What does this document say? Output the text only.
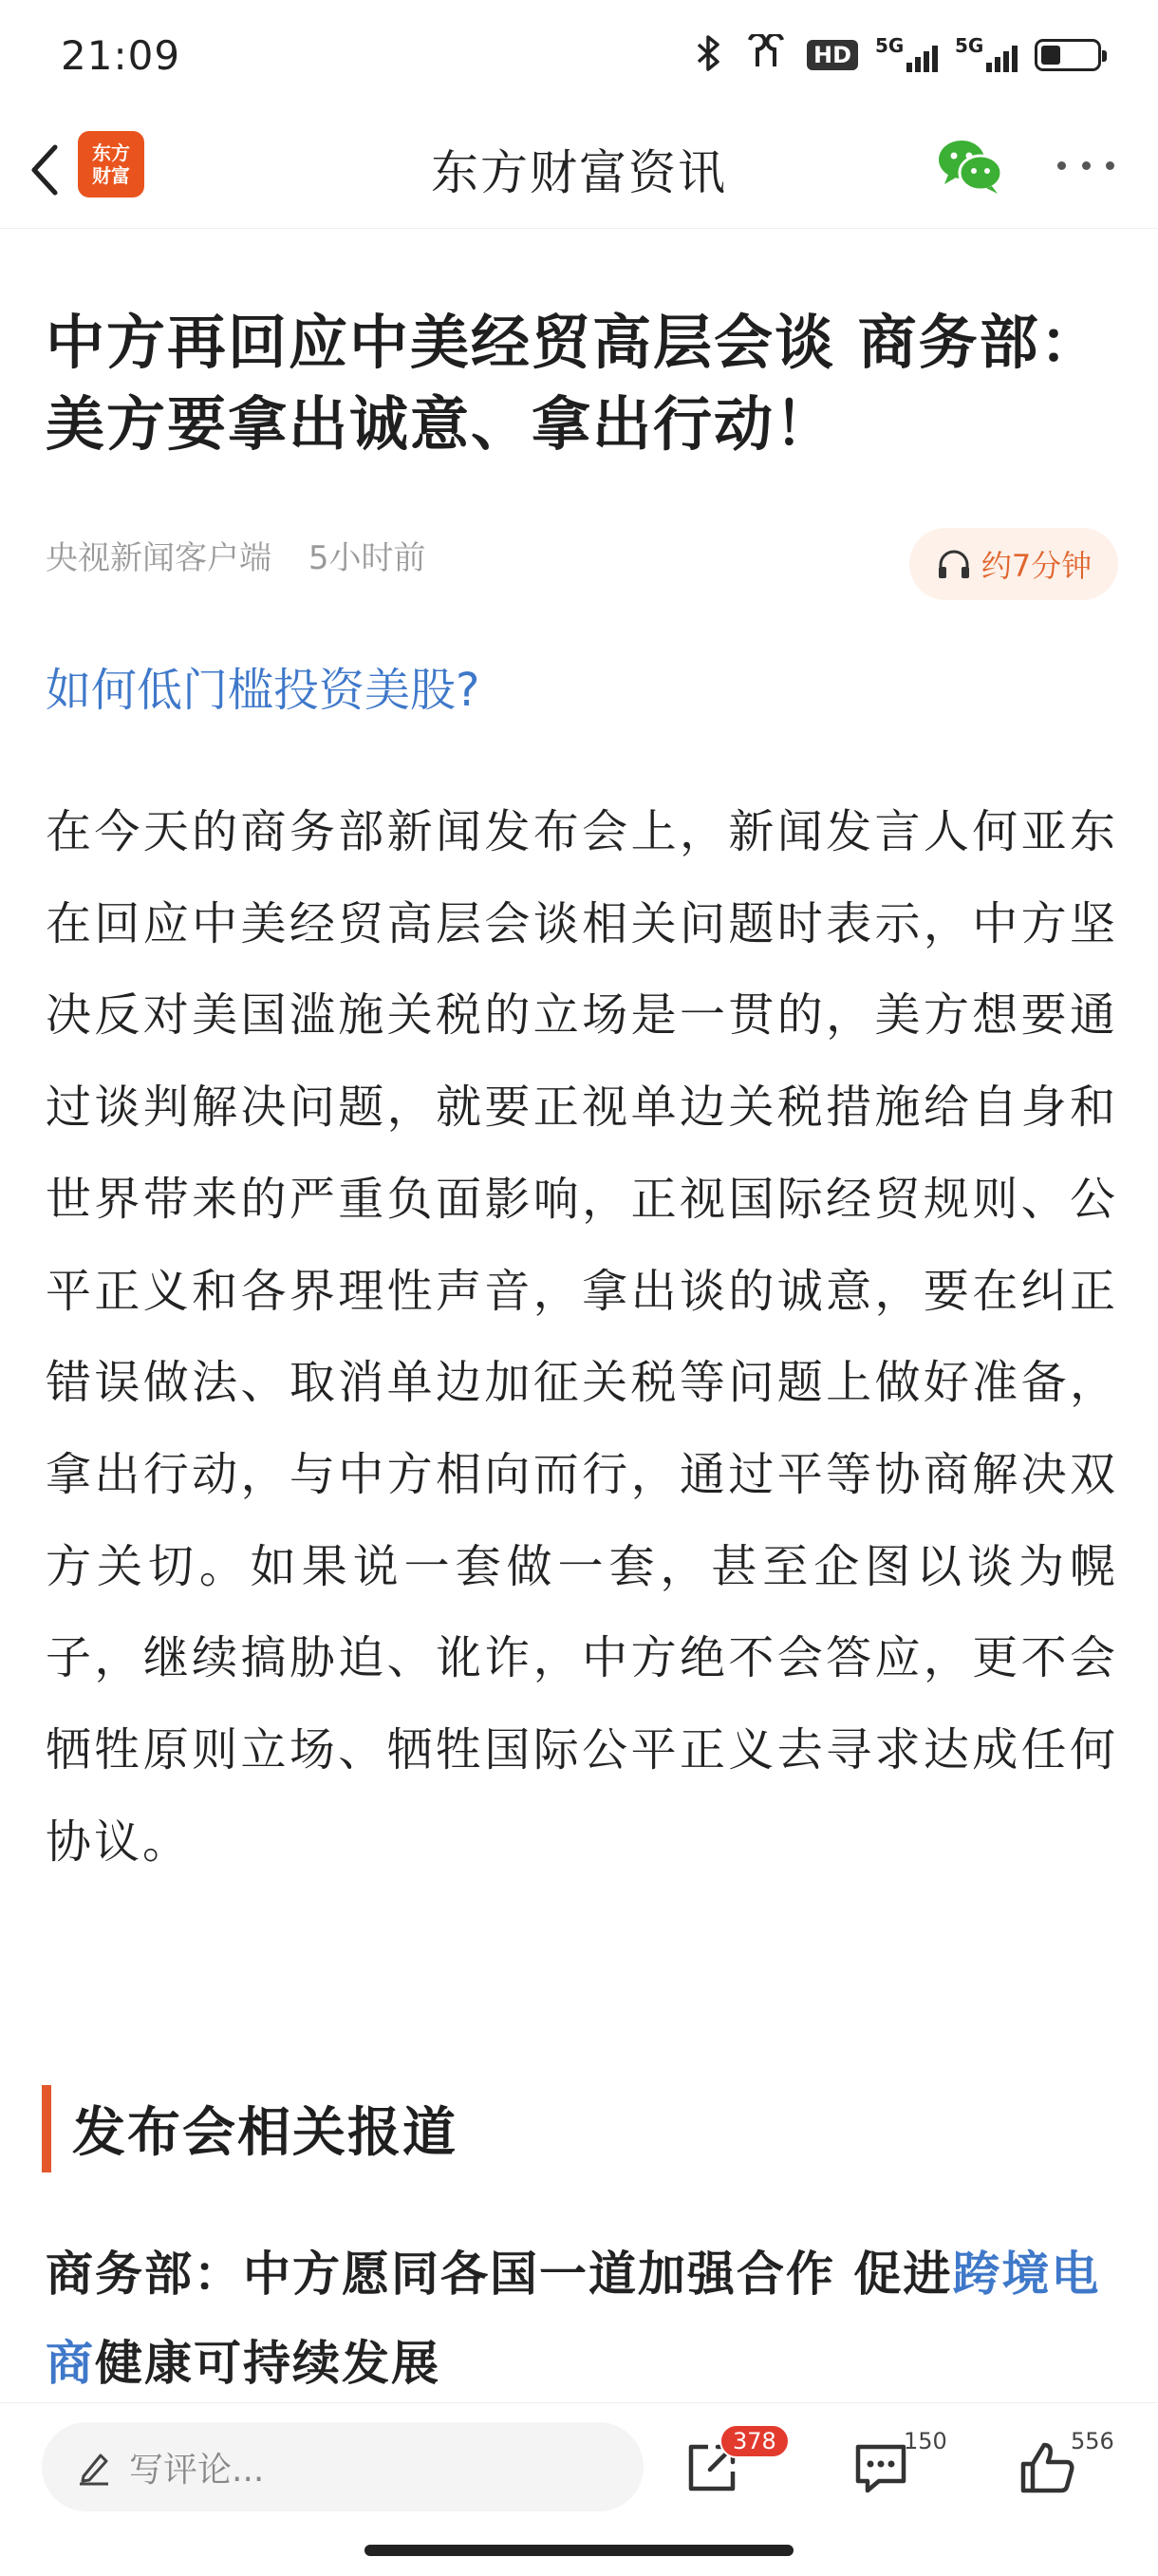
21:09	HD	5G	5G
东方
财富	东方财富资讯
中方再回应中美经贸高层会谈 商务部：美方要拿出诚意、拿出行动！
央视新闻客户端 5小时前	约7分钟
如何低门槛投资美股?

在今天的商务部新闻发布会上，新闻发言人何亚东在回应中美经贸高层会谈相关问题时表示，中方坚决反对美国滥施关税的立场是一贯的，美方想要通过谈判解决问题，就要正视单边关税措施给自身和世界带来的严重负面影响，正视国际经贸规则、公平正义和各界理性声音，拿出谈的诚意，要在纠正错误做法、取消单边加征关税等问题上做好准备，拿出行动，与中方相向而行，通过平等协商解决双方关切。如果说一套做一套，甚至企图以谈为幌子，继续搞胁迫、讹诈，中方绝不会答应，更不会牺牲原则立场、牺牲国际公平正义去寻求达成任何协议。

发布会相关报道

商务部：中方愿同各国一道加强合作 促进跨境电商健康可持续发展

写评论...
378	150	556
